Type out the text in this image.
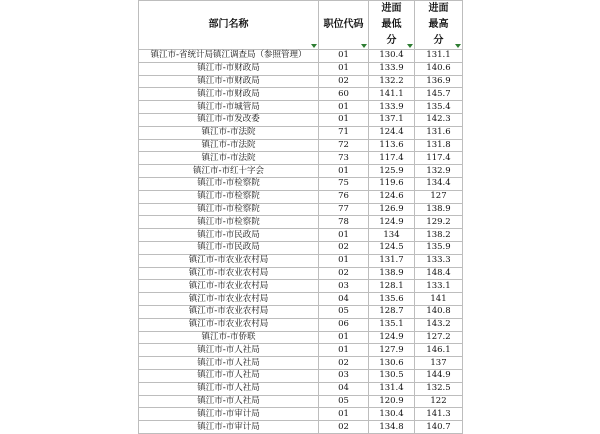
部门名称	职位代码	进面最低分	进面最高分

镇江市-省统计局镇江调查局（参照管理）	01	130.4	131.1
镇江市-市财政局	01	133.9	140.6
镇江市-市财政局	02	132.2	136.9
镇江市-市财政局	60	141.1	145.7
镇江市-市城管局	01	133.9	135.4
镇江市-市发改委	01	137.1	142.3
镇江市-市法院	71	124.4	131.6
镇江市-市法院	72	113.6	131.8
镇江市-市法院	73	117.4	117.4
镇江市-市红十字会	01	125.9	132.9
镇江市-市检察院	75	119.6	134.4
镇江市-市检察院	76	124.6	127
镇江市-市检察院	77	126.9	138.9
镇江市-市检察院	78	124.9	129.2
镇江市-市民政局	01	134	138.2
镇江市-市民政局	02	124.5	135.9
镇江市-市农业农村局	01	131.7	133.3
镇江市-市农业农村局	02	138.9	148.4
镇江市-市农业农村局	03	128.1	133.1
镇江市-市农业农村局	04	135.6	141
镇江市-市农业农村局	05	128.7	140.8
镇江市-市农业农村局	06	135.1	143.2
镇江市-市侨联	01	124.9	127.2
镇江市-市人社局	01	127.9	146.1
镇江市-市人社局	02	130.6	137
镇江市-市人社局	03	130.5	144.9
镇江市-市人社局	04	131.4	132.5
镇江市-市人社局	05	120.9	122
镇江市-市审计局	01	130.4	141.3
镇江市-市审计局	02	134.8	140.7
